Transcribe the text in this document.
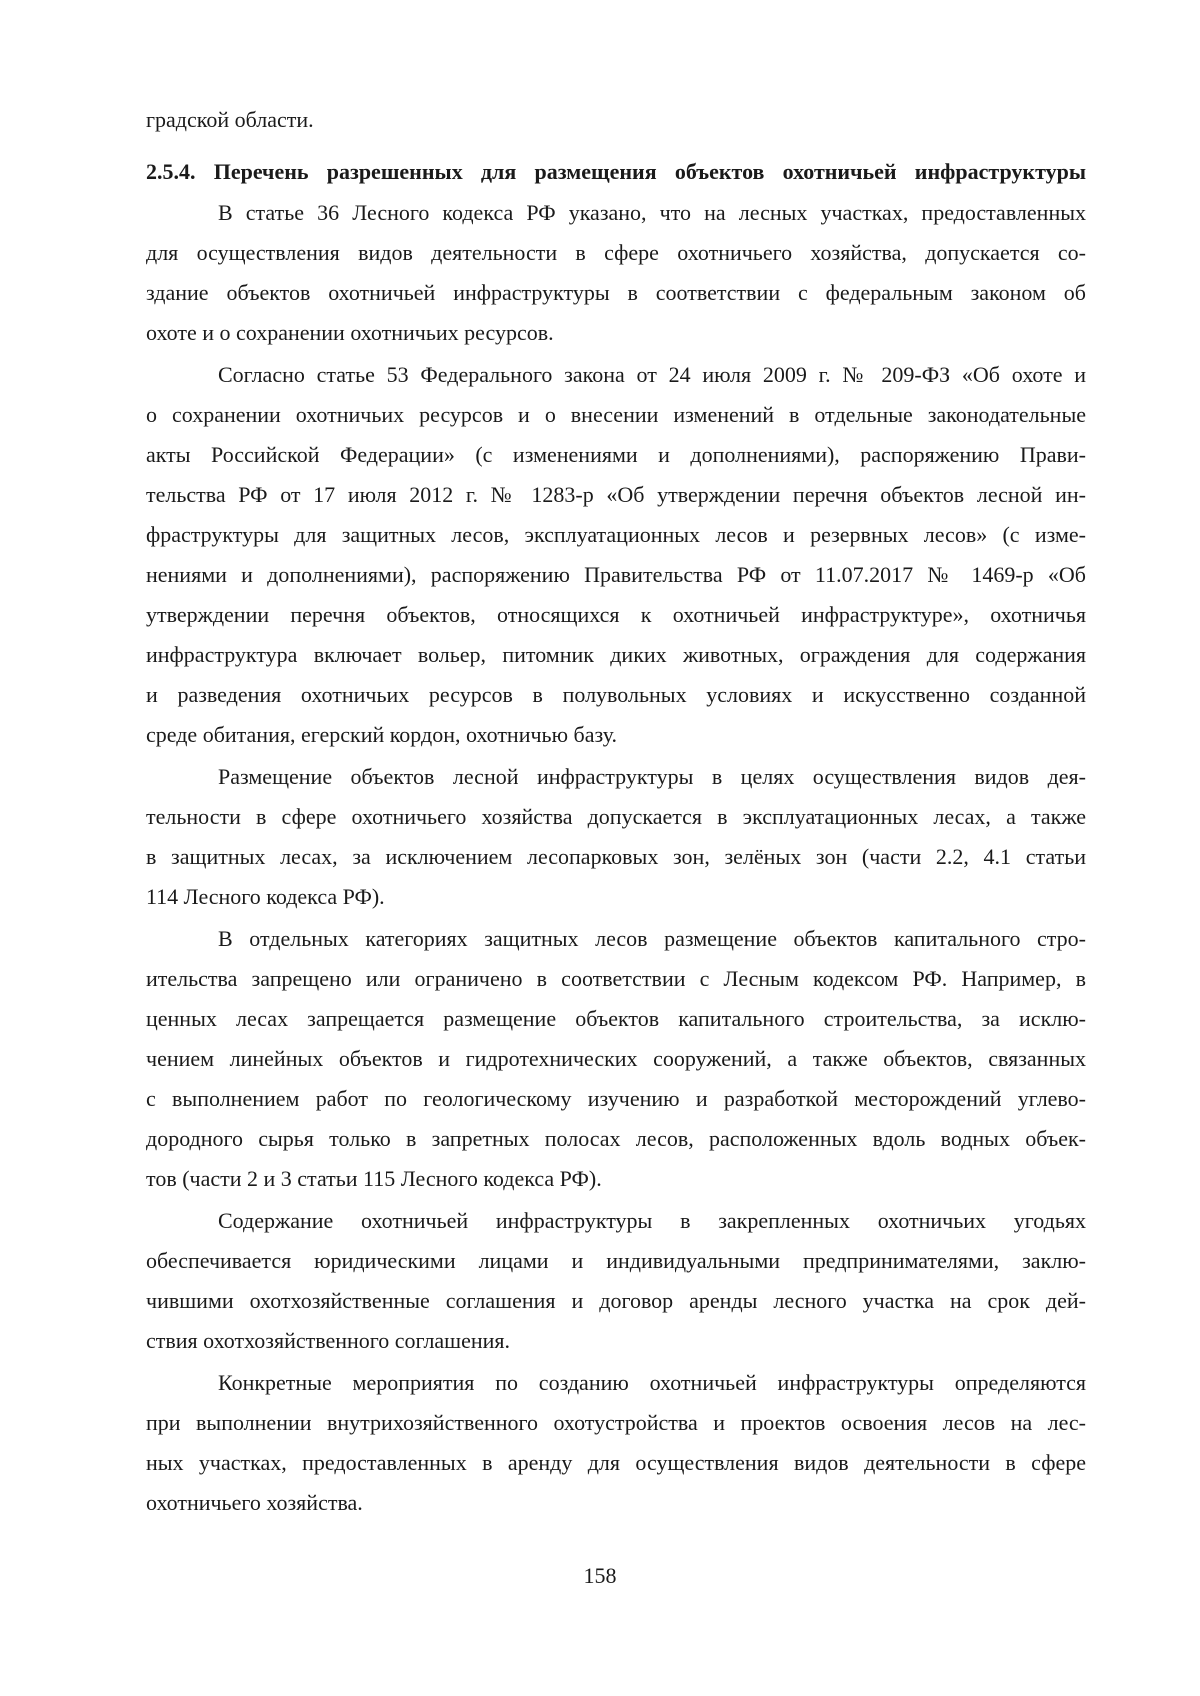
градской области.
2.5.4. Перечень разрешенных для размещения объектов охотничьей инфраструктуры
В статье 36 Лесного кодекса РФ указано, что на лесных участках, предоставленных
для осуществления видов деятельности в сфере охотничьего хозяйства, допускается со-
здание объектов охотничьей инфраструктуры в соответствии с федеральным законом об
охоте и о сохранении охотничьих ресурсов.
Согласно статье 53 Федерального закона от 24 июля 2009 г. № 209-ФЗ «Об охоте и
о сохранении охотничьих ресурсов и о внесении изменений в отдельные законодательные
акты Российской Федерации» (с изменениями и дополнениями), распоряжению Прави-
тельства РФ от 17 июля 2012 г. № 1283-р «Об утверждении перечня объектов лесной ин-
фраструктуры для защитных лесов, эксплуатационных лесов и резервных лесов» (с изме-
нениями и дополнениями), распоряжению Правительства РФ от 11.07.2017 № 1469-р «Об
утверждении перечня объектов, относящихся к охотничьей инфраструктуре», охотничья
инфраструктура включает вольер, питомник диких животных, ограждения для содержания
и разведения охотничьих ресурсов в полувольных условиях и искусственно созданной
среде обитания, егерский кордон, охотничью базу.
Размещение объектов лесной инфраструктуры в целях осуществления видов дея-
тельности в сфере охотничьего хозяйства допускается в эксплуатационных лесах, а также
в защитных лесах, за исключением лесопарковых зон, зелёных зон (части 2.2, 4.1 статьи
114 Лесного кодекса РФ).
В отдельных категориях защитных лесов размещение объектов капитального стро-
ительства запрещено или ограничено в соответствии с Лесным кодексом РФ. Например, в
ценных лесах запрещается размещение объектов капитального строительства, за исклю-
чением линейных объектов и гидротехнических сооружений, а также объектов, связанных
с выполнением работ по геологическому изучению и разработкой месторождений углево-
дородного сырья только в запретных полосах лесов, расположенных вдоль водных объек-
тов (части 2 и 3 статьи 115 Лесного кодекса РФ).
Содержание охотничьей инфраструктуры в закрепленных охотничьих угодьях
обеспечивается юридическими лицами и индивидуальными предпринимателями, заклю-
чившими охотхозяйственные соглашения и договор аренды лесного участка на срок дей-
ствия охотхозяйственного соглашения.
Конкретные мероприятия по созданию охотничьей инфраструктуры определяются
при выполнении внутрихозяйственного охотустройства и проектов освоения лесов на лес-
ных участках, предоставленных в аренду для осуществления видов деятельности в сфере
охотничьего хозяйства.
158
